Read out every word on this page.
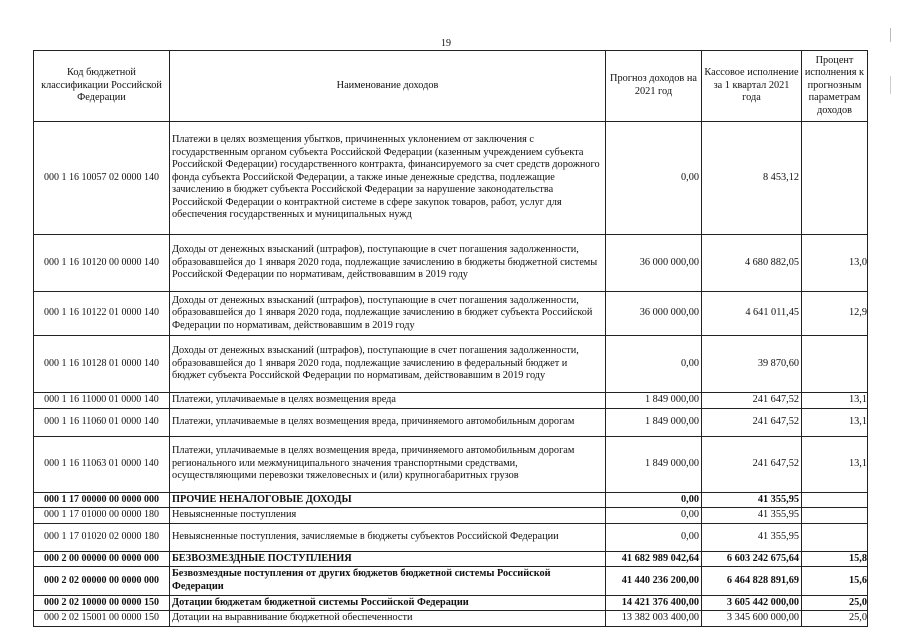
19
Код бюджетной классификации Российской Федерации	Наименование доходов	Прогноз доходов на 2021 год	Кассовое исполнение за 1 квартал 2021 года	Процент исполнения к прогнозным параметрам доходов
000 1 16 10057 02 0000 140	Платежи в целях возмещения убытков, причиненных уклонением от заключения с государственным органом субъекта Российской Федерации (казенным учреждением субъекта Российской Федерации) государственного контракта, финансируемого за счет средств дорожного фонда субъекта Российской Федерации, а также иные денежные средства, подлежащие зачислению в бюджет субъекта Российской Федерации за нарушение законодательства Российской Федерации о контрактной системе в сфере закупок товаров, работ, услуг для обеспечения государственных и муниципальных нужд	0,00	8 453,12	
000 1 16 10120 00 0000 140	Доходы от денежных взысканий (штрафов), поступающие в счет погашения задолженности, образовавшейся до 1 января 2020 года, подлежащие зачислению в бюджеты бюджетной системы Российской Федерации по нормативам, действовавшим в 2019 году	36 000 000,00	4 680 882,05	13,0
000 1 16 10122 01 0000 140	Доходы от денежных взысканий (штрафов), поступающие в счет погашения задолженности, образовавшейся до 1 января 2020 года, подлежащие зачислению в бюджет субъекта Российской Федерации по нормативам, действовавшим в 2019 году	36 000 000,00	4 641 011,45	12,9
000 1 16 10128 01 0000 140	Доходы от денежных взысканий (штрафов), поступающие в счет погашения задолженности, образовавшейся до 1 января 2020 года, подлежащие зачислению в федеральный бюджет и бюджет субъекта Российской Федерации по нормативам, действовавшим в 2019 году	0,00	39 870,60	
000 1 16 11000 01 0000 140	Платежи, уплачиваемые в целях возмещения вреда	1 849 000,00	241 647,52	13,1
000 1 16 11060 01 0000 140	Платежи, уплачиваемые в целях возмещения вреда, причиняемого автомобильным дорогам	1 849 000,00	241 647,52	13,1
000 1 16 11063 01 0000 140	Платежи, уплачиваемые в целях возмещения вреда, причиняемого автомобильным дорогам регионального или межмуниципального значения транспортными средствами, осуществляющими перевозки тяжеловесных и (или) крупногабаритных грузов	1 849 000,00	241 647,52	13,1
000 1 17 00000 00 0000 000	ПРОЧИЕ НЕНАЛОГОВЫЕ ДОХОДЫ	0,00	41 355,95	
000 1 17 01000 00 0000 180	Невыясненные поступления	0,00	41 355,95	
000 1 17 01020 02 0000 180	Невыясненные поступления, зачисляемые в бюджеты субъектов Российской Федерации	0,00	41 355,95	
000 2 00 00000 00 0000 000	БЕЗВОЗМЕЗДНЫЕ ПОСТУПЛЕНИЯ	41 682 989 042,64	6 603 242 675,64	15,8
000 2 02 00000 00 0000 000	Безвозмездные поступления от других бюджетов бюджетной системы Российской Федерации	41 440 236 200,00	6 464 828 891,69	15,6
000 2 02 10000 00 0000 150	Дотации бюджетам бюджетной системы Российской Федерации	14 421 376 400,00	3 605 442 000,00	25,0
000 2 02 15001 00 0000 150	Дотации на выравнивание бюджетной обеспеченности	13 382 003 400,00	3 345 600 000,00	25,0
